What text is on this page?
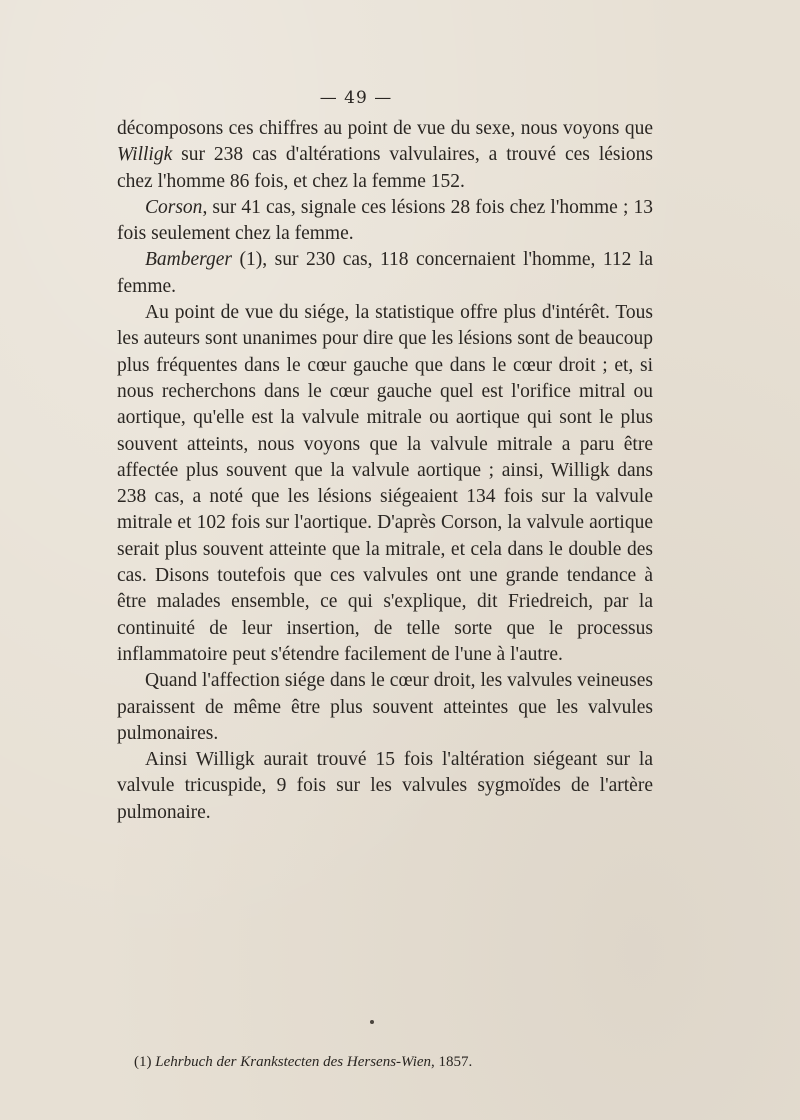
— 49 —

décomposons ces chiffres au point de vue du sexe, nous voyons que Willigk sur 238 cas d'altérations valvulaires, a trouvé ces lésions chez l'homme 86 fois, et chez la femme 152.

Corson, sur 41 cas, signale ces lésions 28 fois chez l'homme ; 13 fois seulement chez la femme.

Bamberger (1), sur 230 cas, 118 concernaient l'homme, 112 la femme.

Au point de vue du siége, la statistique offre plus d'intérêt. Tous les auteurs sont unanimes pour dire que les lésions sont de beaucoup plus fréquentes dans le cœur gauche que dans le cœur droit ; et, si nous recherchons dans le cœur gauche quel est l'orifice mitral ou aortique, qu'elle est la valvule mitrale ou aortique qui sont le plus souvent atteints, nous voyons que la valvule mitrale a paru être affectée plus souvent que la valvule aortique ; ainsi, Willigk dans 238 cas, a noté que les lésions siégeaient 134 fois sur la valvule mitrale et 102 fois sur l'aortique. D'après Corson, la valvule aortique serait plus souvent atteinte que la mitrale, et cela dans le double des cas. Disons toutefois que ces valvules ont une grande tendance à être malades ensemble, ce qui s'explique, dit Friedreich, par la continuité de leur insertion, de telle sorte que le processus inflammatoire peut s'étendre facilement de l'une à l'autre.

Quand l'affection siége dans le cœur droit, les valvules veineuses paraissent de même être plus souvent atteintes que les valvules pulmonaires.

Ainsi Willigk aurait trouvé 15 fois l'altération siégeant sur la valvule tricuspide, 9 fois sur les valvules sygmoïdes de l'artère pulmonaire.

(1) Lehrbuch der Krankstecten des Hersens-Wien, 1857.
